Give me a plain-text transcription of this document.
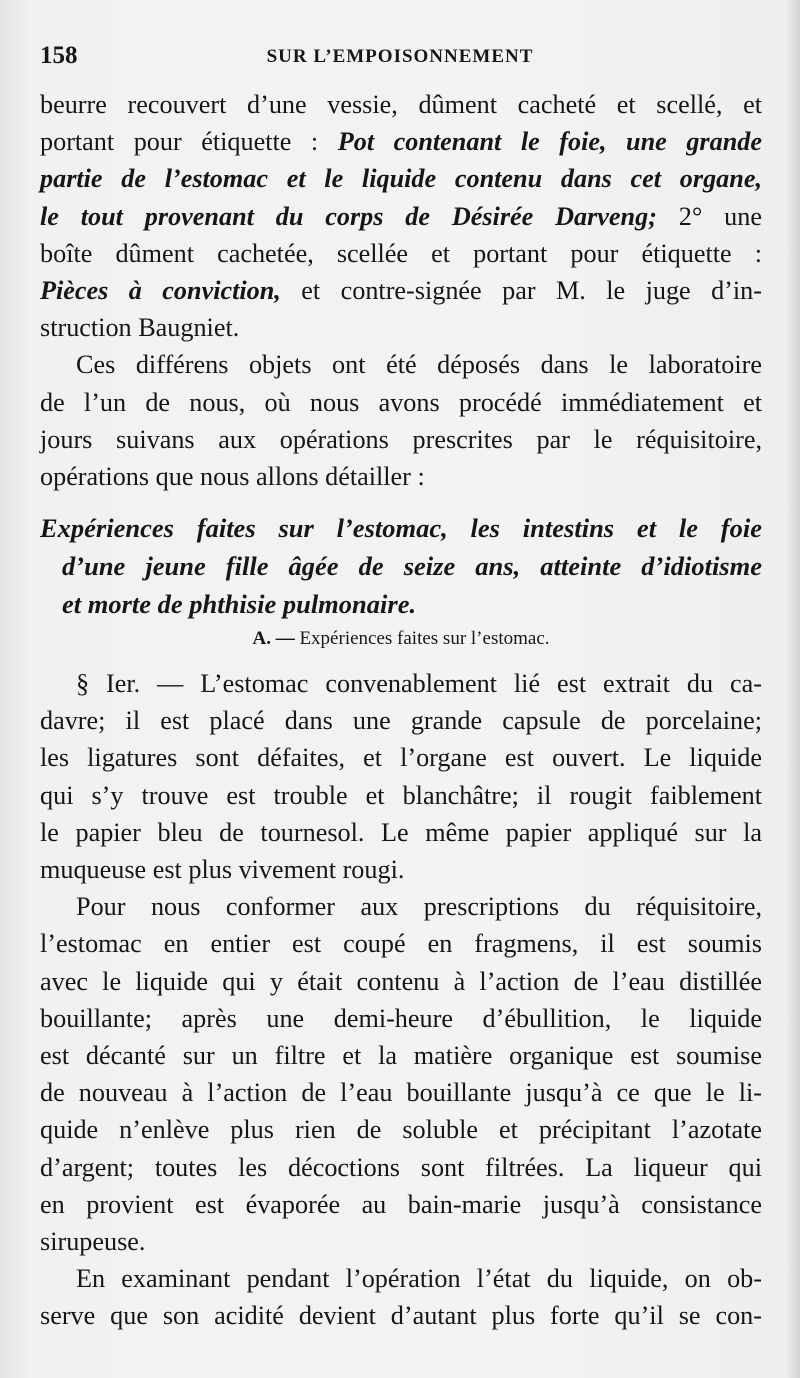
158	SUR L’EMPOISONNEMENT
beurre recouvert d’une vessie, dûment cacheté et scellé, et
portant pour étiquette : Pot contenant le foie, une grande
partie de l’estomac et le liquide contenu dans cet organe,
le tout provenant du corps de Désirée Darveng; 2° une
boîte dûment cachetée, scellée et portant pour étiquette :
Pièces à conviction, et contre-signée par M. le juge d’in-
struction Baugniet.
Ces différens objets ont été déposés dans le laboratoire
de l’un de nous, où nous avons procédé immédiatement et
jours suivans aux opérations prescrites par le réquisitoire,
opérations que nous allons détailler :
Expériences faites sur l’estomac, les intestins et le foie
d’une jeune fille âgée de seize ans, atteinte d’idiotisme
et morte de phthisie pulmonaire.
A. — Expériences faites sur l’estomac.
§ Ier. — L’estomac convenablement lié est extrait du ca-
davre; il est placé dans une grande capsule de porcelaine;
les ligatures sont défaites, et l’organe est ouvert. Le liquide
qui s’y trouve est trouble et blanchâtre; il rougit faiblement
le papier bleu de tournesol. Le même papier appliqué sur la
muqueuse est plus vivement rougi.
Pour nous conformer aux prescriptions du réquisitoire,
l’estomac en entier est coupé en fragmens, il est soumis
avec le liquide qui y était contenu à l’action de l’eau distillée
bouillante; après une demi-heure d’ébullition, le liquide
est décanté sur un filtre et la matière organique est soumise
de nouveau à l’action de l’eau bouillante jusqu’à ce que le li-
quide n’enlève plus rien de soluble et précipitant l’azotate
d’argent; toutes les décoctions sont filtrées. La liqueur qui
en provient est évaporée au bain-marie jusqu’à consistance
sirupeuse.
En examinant pendant l’opération l’état du liquide, on ob-
serve que son acidité devient d’autant plus forte qu’il se con-
